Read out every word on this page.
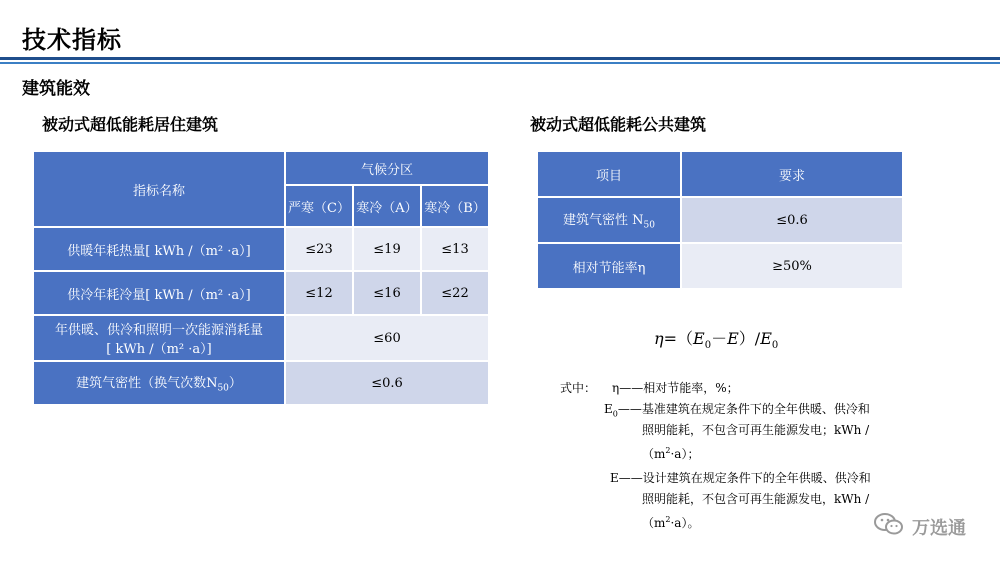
技术指标
建筑能效
被动式超低能耗居住建筑	被动式超低能耗公共建筑
指标名称	气候分区		
	严寒（C）	寒冷（A）	寒冷（B）
供暖年耗热量[ kWh /（m² ·a）]	≤23	≤19	≤13
供冷年耗冷量[ kWh /（m² ·a）]	≤12	≤16	≤22

年供暖、供冷和照明一次能源消耗量
[ kWh /（m² ·a）]	≤60		
建筑气密性（换气次数$N_{50}$）	≤0.6		
项目	要求
建筑气密性 $N_{50}$	≤0.6
相对节能率η	≥50%
$\eta=(E_0-E)/E_0$
式中： η——相对节能率，%；
$E_0——$基准建筑在规定条件下的全年供暖、供冷和
照明能耗，不包含可再生能源发电；kWh /
$(m^2\cdot a)$；
E——设计建筑在规定条件下的全年供暖、供冷和
照明能耗，不包含可再生能源发电，kWh /
$(m^2\cdot a)$。	万选通
